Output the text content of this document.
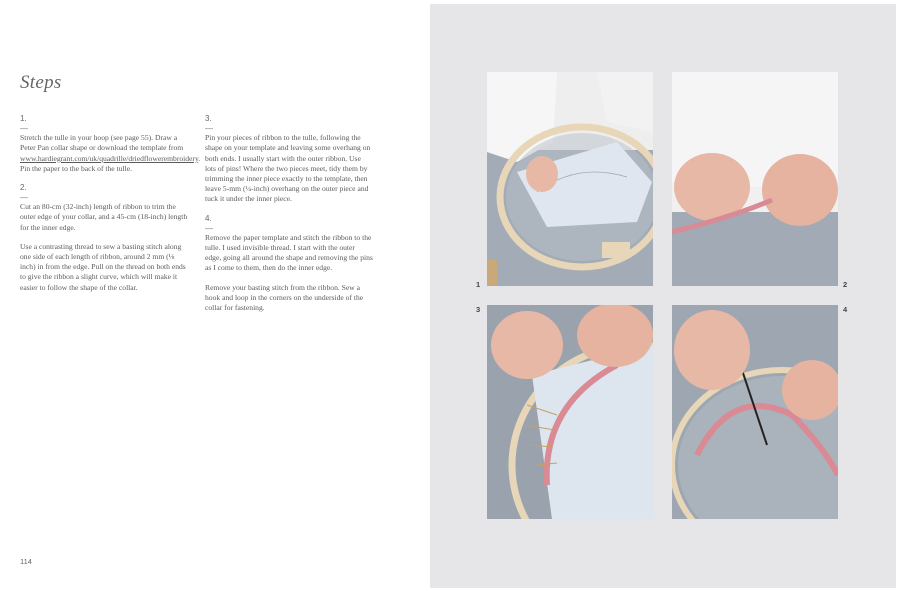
Steps
1.
—

Stretch the tulle in your hoop (see page 55). Draw a Peter Pan collar shape or download the template from www.hardiegrant.com/uk/quadrille/driedflowerembroidery. Pin the paper to the back of the tulle.

2.
—

Cut an 80-cm (32-inch) length of ribbon to trim the outer edge of your collar, and a 45-cm (18-inch) length for the inner edge.

Use a contrasting thread to sew a basting stitch along one side of each length of ribbon, around 2 mm (⅛ inch) in from the edge. Pull on the thread on both ends to give the ribbon a slight curve, which will make it easier to follow the shape of the collar.

3.
—

Pin your pieces of ribbon to the tulle, following the shape on your template and leaving some overhang on both ends. I usually start with the outer ribbon. Use lots of pins! Where the two pieces meet, tidy them by trimming the inner piece exactly to the template, then leave 5-mm (¼-inch) overhang on the outer piece and tuck it under the inner piece.

4.
—

Remove the paper template and stitch the ribbon to the tulle. I used invisible thread. I start with the outer edge, going all around the shape and removing the pins as I come to them, then do the inner edge.

Remove your basting stitch from the ribbon. Sew a hook and loop in the corners on the underside of the collar for fastening.

114
1	2
3	4
